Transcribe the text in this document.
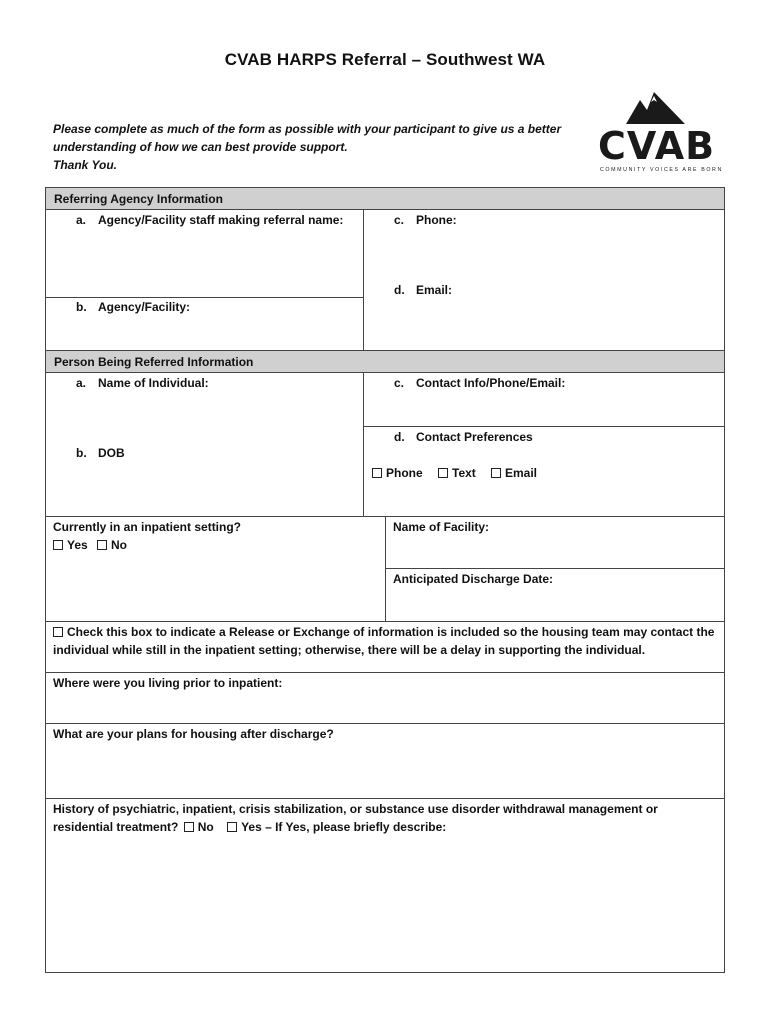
CVAB HARPS Referral – Southwest WA
Please complete as much of the form as possible with your participant to give us a better
understanding of how we can best provide support.
Thank You.	CVAB
COMMUNITY VOICES ARE BORN
Referring Agency Information
a. Agency/Facility staff making referral name:
b. Agency/Facility:
c. Phone:
d. Email:
Person Being Referred Information
a. Name of Individual:
b. DOB
c. Contact Info/Phone/Email:
d. Contact Preferences
Phone	Text	Email
Currently in an inpatient setting?
Yes	No
Name of Facility:
Anticipated Discharge Date:
Check this box to indicate a Release or Exchange of information is included so the housing team may contact the
individual while still in the inpatient setting; otherwise, there will be a delay in supporting the individual.
Where were you living prior to inpatient:
What are your plans for housing after discharge?
History of psychiatric, inpatient, crisis stabilization, or substance use disorder withdrawal management or
residential treatment? No Yes – If Yes, please briefly describe:
